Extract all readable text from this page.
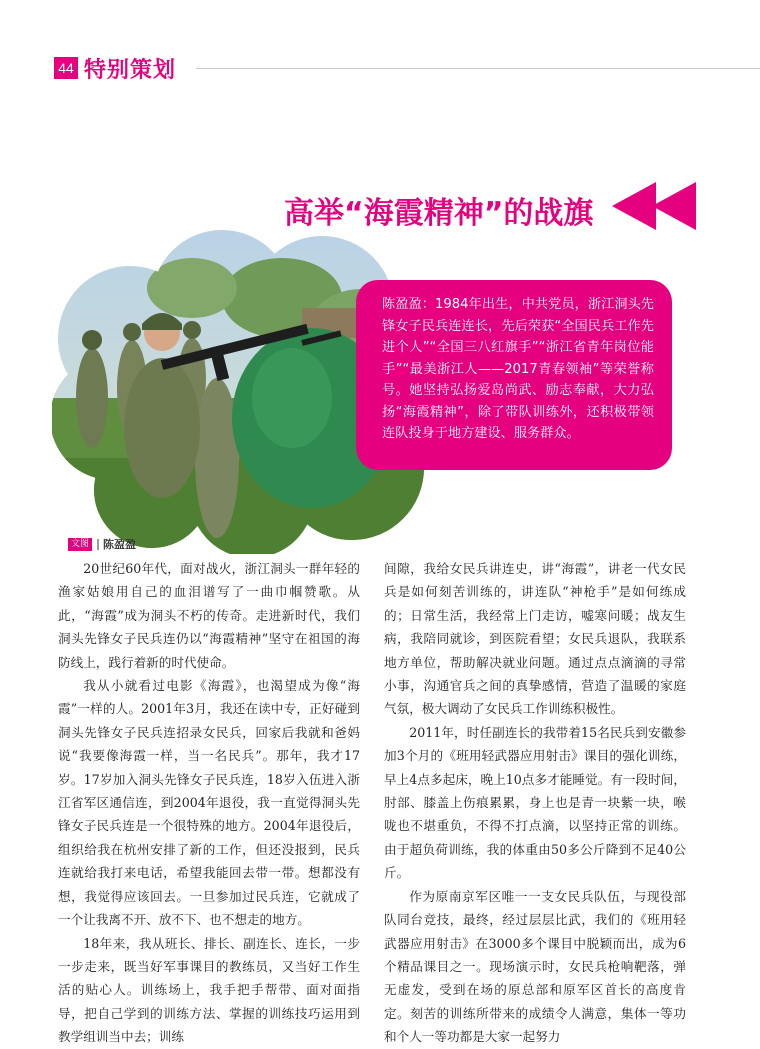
44 特别策划
高举“海霞精神”的战旗

陈盈盈：1984年出生，中共党员，浙江洞头先锋女子民兵连连长，先后荣获“全国民兵工作先进个人”“全国三八红旗手”“浙江省青年岗位能手”“最美浙江人——2017青春领袖”等荣誉称号。她坚持弘扬爱岛尚武、励志奉献，大力弘扬“海霞精神”，除了带队训练外，还积极带领连队投身于地方建设、服务群众。

文图 陈盈盈

20世纪60年代，面对战火，浙江洞头一群年轻的渔家姑娘用自己的血泪谱写了一曲巾帼赞歌。从此，“海霞”成为洞头不朽的传奇。走进新时代，我们洞头先锋女子民兵连仍以“海霞精神”坚守在祖国的海防线上，践行着新的时代使命。

我从小就看过电影《海霞》，也渴望成为像“海霞”一样的人。2001年3月，我还在读中专，正好碰到洞头先锋女子民兵连招录女民兵，回家后我就和爸妈说“我要像海霞一样，当一名民兵”。那年，我才17岁。17岁加入洞头先锋女子民兵连，18岁入伍进入浙江省军区通信连，到2004年退役，我一直觉得洞头先锋女子民兵连是一个很特殊的地方。2004年退役后，组织给我在杭州安排了新的工作，但还没报到，民兵连就给我打来电话，希望我能回去带一带。想都没有想，我觉得应该回去。一旦参加过民兵连，它就成了一个让我离不开、放不下、也不想走的地方。

18年来，我从班长、排长、副连长、连长，一步一步走来，既当好军事课目的教练员，又当好工作生活的贴心人。训练场上，我手把手帮带、面对面指导，把自己学到的训练方法、掌握的训练技巧运用到教学组训当中去；训练

间隙，我给女民兵讲连史，讲“海霞”，讲老一代女民兵是如何刻苦训练的，讲连队“神枪手”是如何练成的；日常生活，我经常上门走访，嘘寒问暖；战友生病，我陪同就诊，到医院看望；女民兵退队，我联系地方单位，帮助解决就业问题。通过点点滴滴的寻常小事，沟通官兵之间的真挚感情，营造了温暖的家庭气氛，极大调动了女民兵工作训练积极性。

2011年，时任副连长的我带着15名民兵到安徽参加3个月的《班用轻武器应用射击》课目的强化训练，早上4点多起床，晚上10点多才能睡觉。有一段时间，肘部、膝盖上伤痕累累，身上也是青一块紫一块，喉咙也不堪重负，不得不打点滴，以坚持正常的训练。由于超负荷训练，我的体重由50多公斤降到不足40公斤。

作为原南京军区唯一一支女民兵队伍，与现役部队同台竞技，最终，经过层层比武，我们的《班用轻武器应用射击》在3000多个课目中脱颖而出，成为6个精品课目之一。现场演示时，女民兵枪响靶落，弹无虚发，受到在场的原总部和原军区首长的高度肯定。刻苦的训练所带来的成绩令人满意，集体一等功和个人一等功都是大家一起努力
